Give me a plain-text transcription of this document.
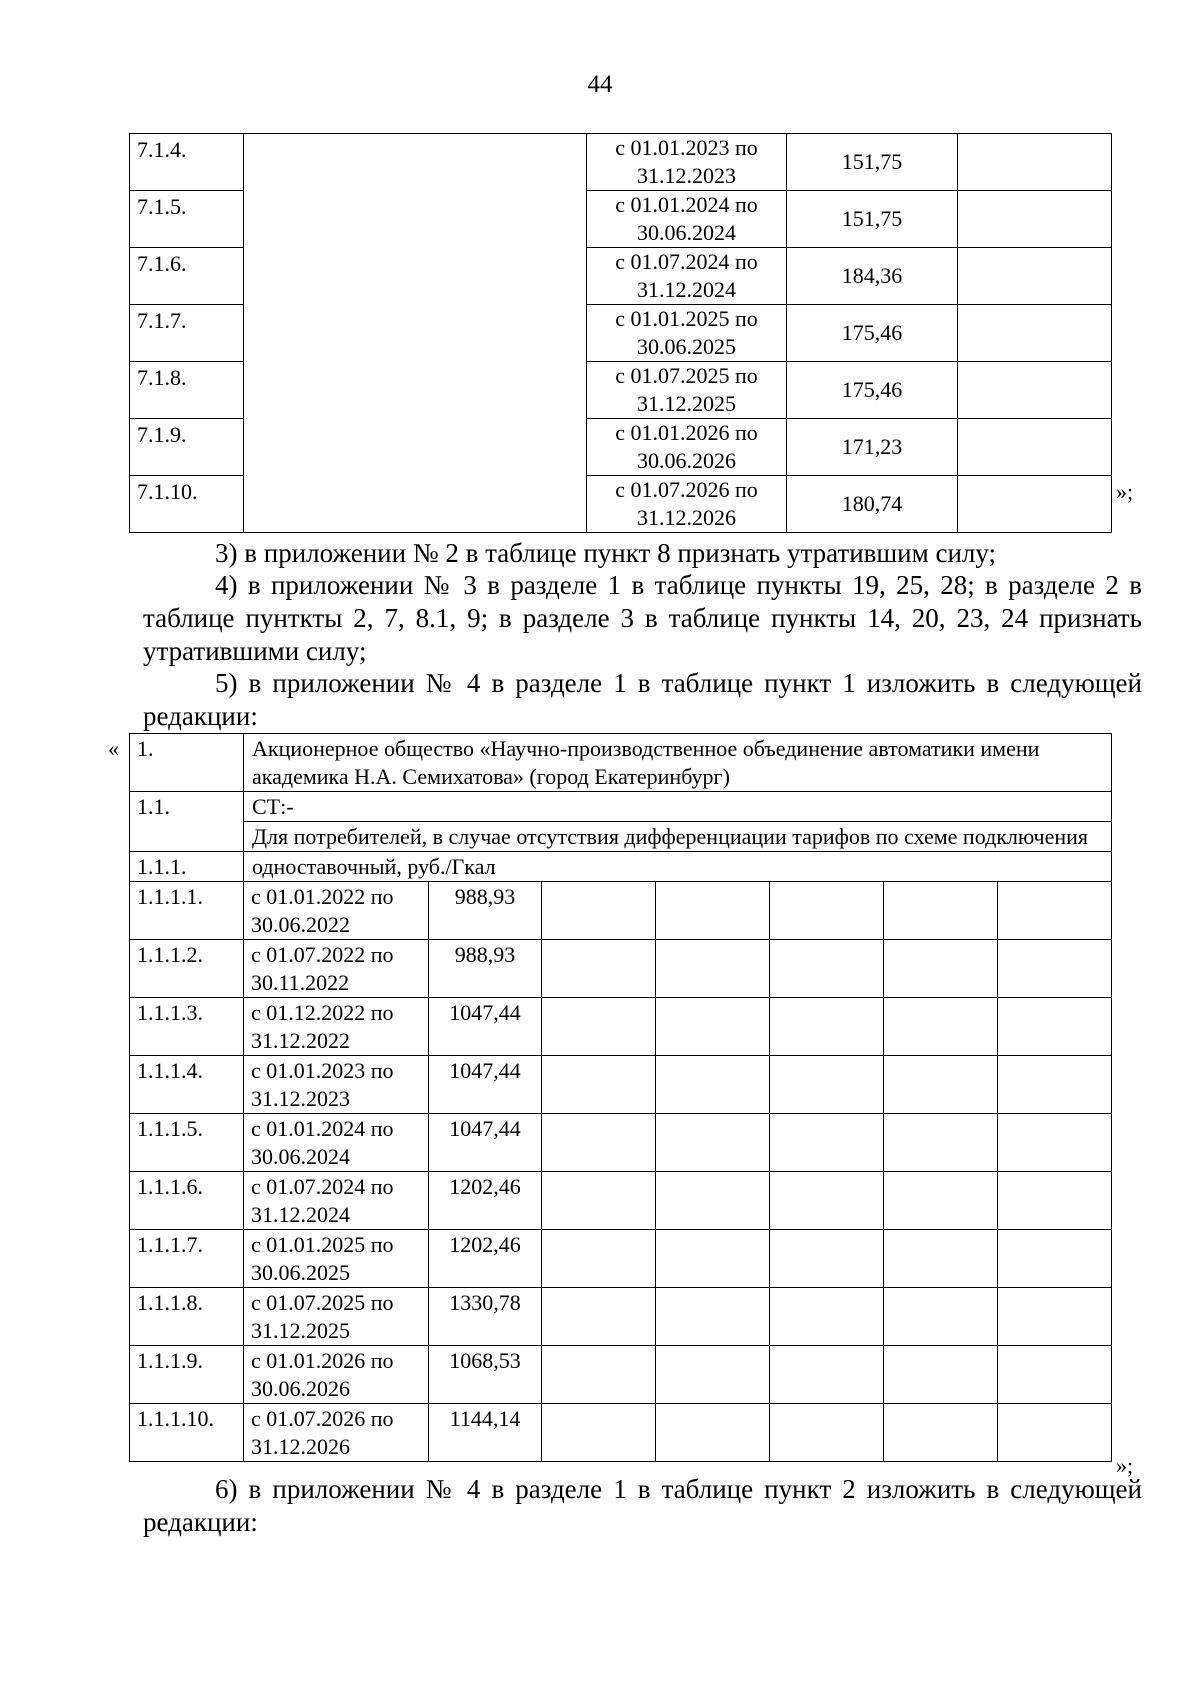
44
7.1.4.		с 01.01.2023 по 31.12.2023	151,75	
7.1.5.		с 01.01.2024 по 30.06.2024	151,75	
7.1.6.		с 01.07.2024 по 31.12.2024	184,36	
7.1.7.		с 01.01.2025 по 30.06.2025	175,46	
7.1.8.		с 01.07.2025 по 31.12.2025	175,46	
7.1.9.		с 01.01.2026 по 30.06.2026	171,23	
7.1.10.		с 01.07.2026 по 31.12.2026	180,74		»;
3) в приложении № 2 в таблице пункт 8 признать утратившим силу;
4) в приложении № 3 в разделе 1 в таблице пункты 19, 25, 28; в разделе 2 в таблице пунткты 2, 7, 8.1, 9; в разделе 3 в таблице пункты 14, 20, 23, 24 признать утратившими силу;
5) в приложении № 4 в разделе 1 в таблице пункт 1 изложить в следующей редакции:
« 1.	Акционерное общество «Научно-производственное объединение автоматики имени академика Н.А. Семихатова» (город Екатеринбург)						
1.1.	СТ:-						
	Для потребителей, в случае отсутствия дифференциации тарифов по схеме подключения						
1.1.1.	одноставочный, руб./Гкал						
1.1.1.1.	с 01.01.2022 по 30.06.2022	988,93					
1.1.1.2.	с 01.07.2022 по 30.11.2022	988,93					
1.1.1.3.	с 01.12.2022 по 31.12.2022	1047,44					
1.1.1.4.	с 01.01.2023 по 31.12.2023	1047,44					
1.1.1.5.	с 01.01.2024 по 30.06.2024	1047,44					
1.1.1.6.	с 01.07.2024 по 31.12.2024	1202,46					
1.1.1.7.	с 01.01.2025 по 30.06.2025	1202,46					
1.1.1.8.	с 01.07.2025 по 31.12.2025	1330,78					
1.1.1.9.	с 01.01.2026 по 30.06.2026	1068,53					
1.1.1.10.	с 01.07.2026 по 31.12.2026	1144,14					
»;
6) в приложении № 4 в разделе 1 в таблице пункт 2 изложить в следующей редакции:
